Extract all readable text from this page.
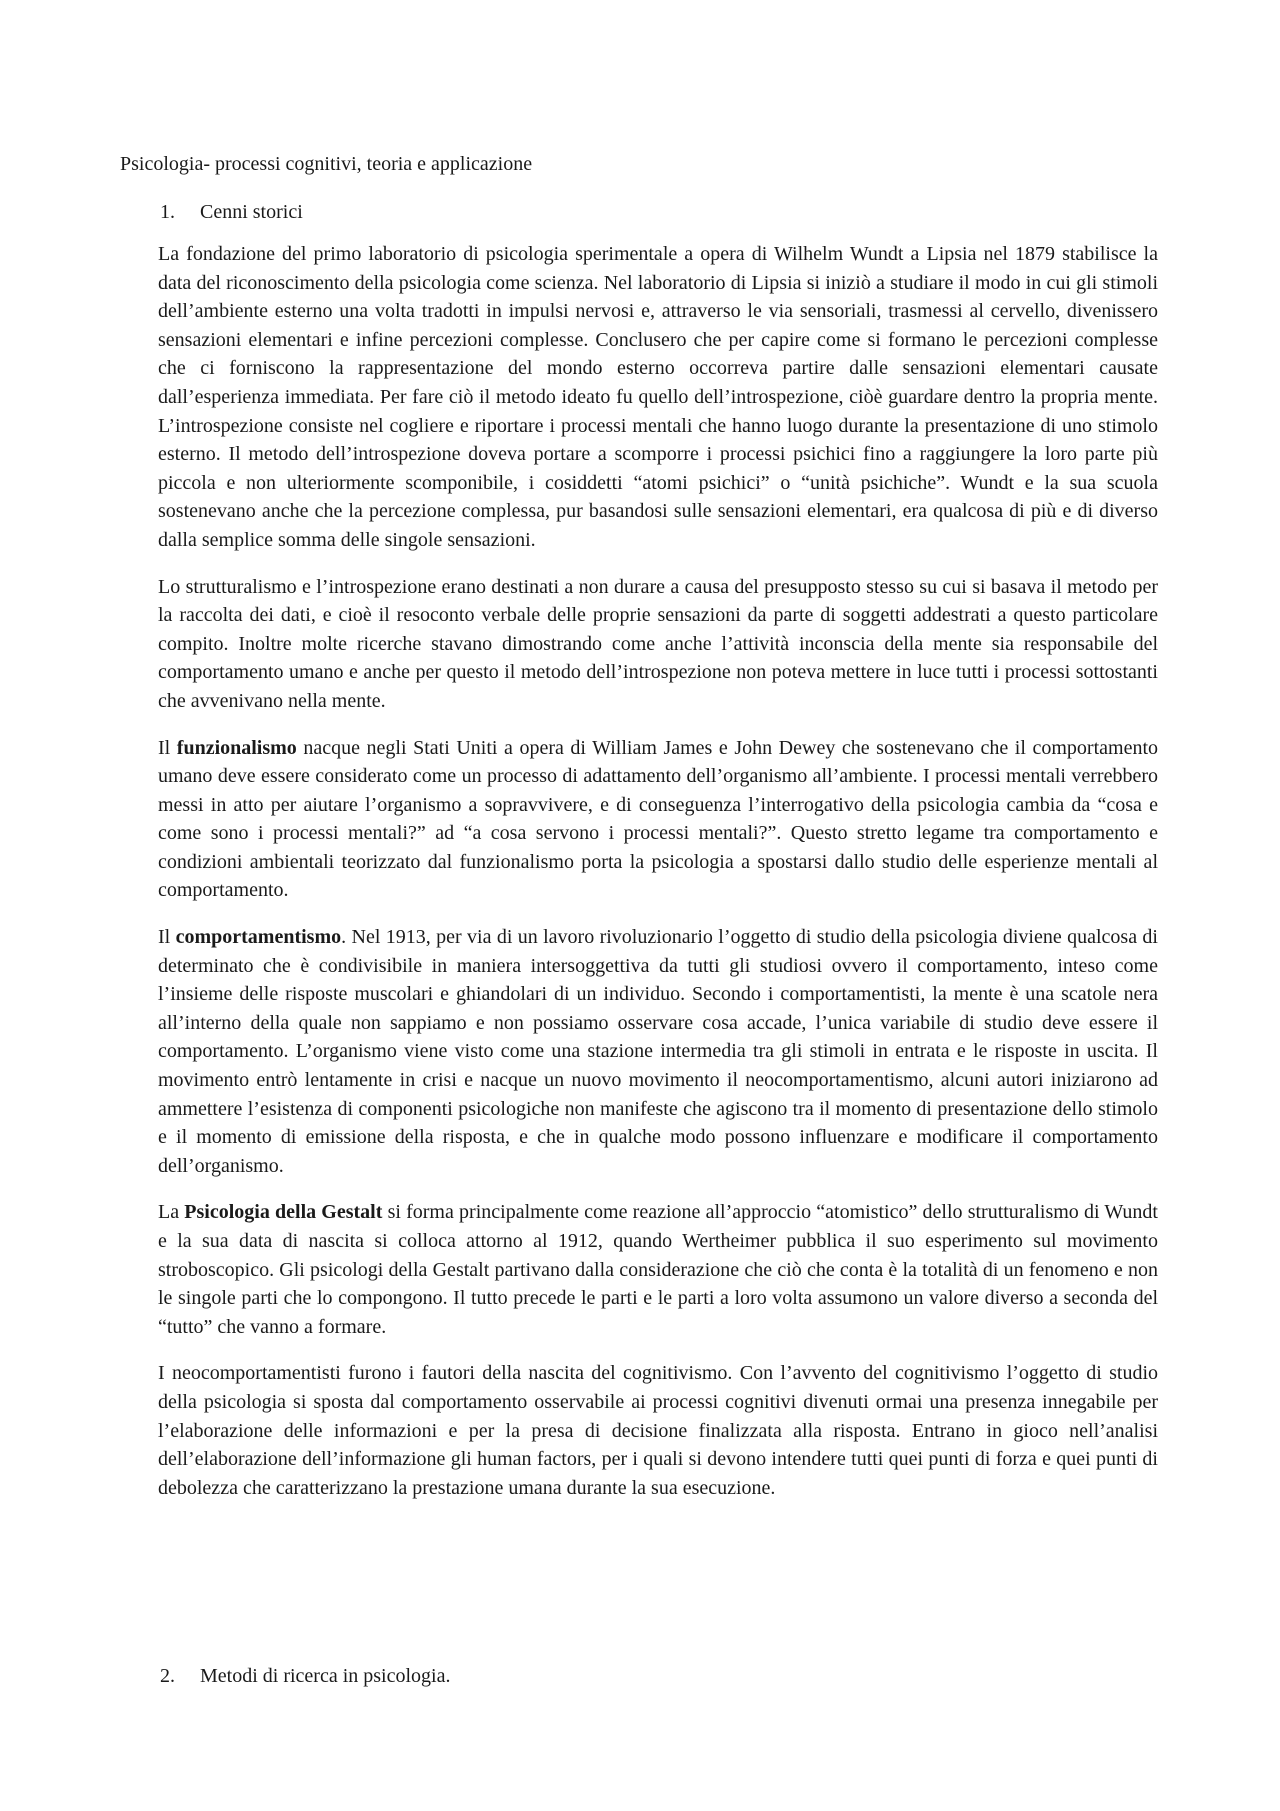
Psicologia- processi cognitivi, teoria e applicazione
1. Cenni storici

La fondazione del primo laboratorio di psicologia sperimentale a opera di Wilhelm Wundt a Lipsia nel 1879 stabilisce la data del riconoscimento della psicologia come scienza. Nel laboratorio di Lipsia si iniziò a studiare il modo in cui gli stimoli dell’ambiente esterno una volta tradotti in impulsi nervosi e, attraverso le via sensoriali, trasmessi al cervello, divenissero sensazioni elementari e infine percezioni complesse. Conclusero che per capire come si formano le percezioni complesse che ci forniscono la rappresentazione del mondo esterno occorreva partire dalle sensazioni elementari causate dall’esperienza immediata. Per fare ciò il metodo ideato fu quello dell’introspezione, ciòè guardare dentro la propria mente. L’introspezione consiste nel cogliere e riportare i processi mentali che hanno luogo durante la presentazione di uno stimolo esterno. Il metodo dell’introspezione doveva portare a scomporre i processi psichici fino a raggiungere la loro parte più piccola e non ulteriormente scomponibile, i cosiddetti “atomi psichici” o “unità psichiche”. Wundt e la sua scuola sostenevano anche che la percezione complessa, pur basandosi sulle sensazioni elementari, era qualcosa di più e di diverso dalla semplice somma delle singole sensazioni.

Lo strutturalismo e l’introspezione erano destinati a non durare a causa del presupposto stesso su cui si basava il metodo per la raccolta dei dati, e cioè il resoconto verbale delle proprie sensazioni da parte di soggetti addestrati a questo particolare compito. Inoltre molte ricerche stavano dimostrando come anche l’attività inconscia della mente sia responsabile del comportamento umano e anche per questo il metodo dell’introspezione non poteva mettere in luce tutti i processi sottostanti che avvenivano nella mente.

Il funzionalismo nacque negli Stati Uniti a opera di William James e John Dewey che sostenevano che il comportamento umano deve essere considerato come un processo di adattamento dell’organismo all’ambiente. I processi mentali verrebbero messi in atto per aiutare l’organismo a sopravvivere, e di conseguenza l’interrogativo della psicologia cambia da “cosa e come sono i processi mentali?” ad “a cosa servono i processi mentali?”. Questo stretto legame tra comportamento e condizioni ambientali teorizzato dal funzionalismo porta la psicologia a spostarsi dallo studio delle esperienze mentali al comportamento.

Il comportamentismo. Nel 1913, per via di un lavoro rivoluzionario l’oggetto di studio della psicologia diviene qualcosa di determinato che è condivisibile in maniera intersoggettiva da tutti gli studiosi ovvero il comportamento, inteso come l’insieme delle risposte muscolari e ghiandolari di un individuo. Secondo i comportamentisti, la mente è una scatole nera all’interno della quale non sappiamo e non possiamo osservare cosa accade, l’unica variabile di studio deve essere il comportamento. L’organismo viene visto come una stazione intermedia tra gli stimoli in entrata e le risposte in uscita. Il movimento entrò lentamente in crisi e nacque un nuovo movimento il neocomportamentismo, alcuni autori iniziarono ad ammettere l’esistenza di componenti psicologiche non manifeste che agiscono tra il momento di presentazione dello stimolo e il momento di emissione della risposta, e che in qualche modo possono influenzare e modificare il comportamento dell’organismo.

La Psicologia della Gestalt si forma principalmente come reazione all’approccio “atomistico” dello strutturalismo di Wundt e la sua data di nascita si colloca attorno al 1912, quando Wertheimer pubblica il suo esperimento sul movimento stroboscopico. Gli psicologi della Gestalt partivano dalla considerazione che ciò che conta è la totalità di un fenomeno e non le singole parti che lo compongono. Il tutto precede le parti e le parti a loro volta assumono un valore diverso a seconda del “tutto” che vanno a formare.

I neocomportamentisti furono i fautori della nascita del cognitivismo. Con l’avvento del cognitivismo l’oggetto di studio della psicologia si sposta dal comportamento osservabile ai processi cognitivi divenuti ormai una presenza innegabile per l’elaborazione delle informazioni e per la presa di decisione finalizzata alla risposta. Entrano in gioco nell’analisi dell’elaborazione dell’informazione gli human factors, per i quali si devono intendere tutti quei punti di forza e quei punti di debolezza che caratterizzano la prestazione umana durante la sua esecuzione.

2. Metodi di ricerca in psicologia.
